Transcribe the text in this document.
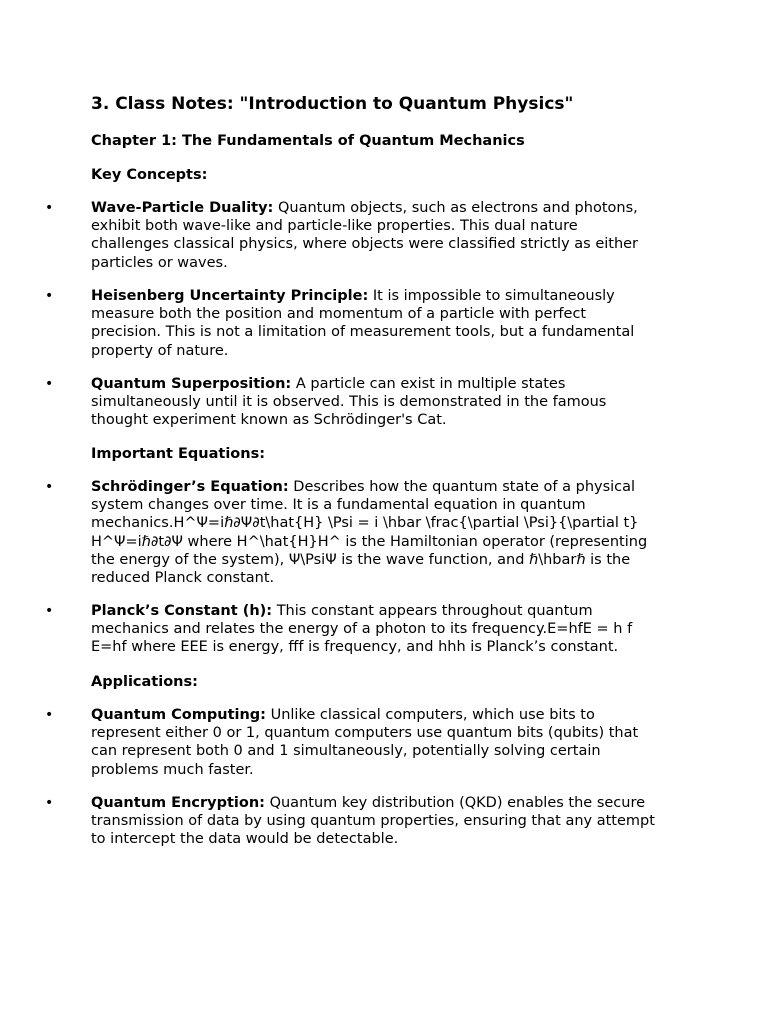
3. Class Notes: "Introduction to Quantum Physics"
Chapter 1: The Fundamentals of Quantum Mechanics
Key Concepts:
•	Wave-Particle Duality: Quantum objects, such as electrons and photons,
exhibit both wave-like and particle-like properties. This dual nature
challenges classical physics, where objects were classified strictly as either
particles or waves.
•	Heisenberg Uncertainty Principle: It is impossible to simultaneously
measure both the position and momentum of a particle with perfect
precision. This is not a limitation of measurement tools, but a fundamental
property of nature.
•	Quantum Superposition: A particle can exist in multiple states
simultaneously until it is observed. This is demonstrated in the famous
thought experiment known as Schrödinger's Cat.
Important Equations:
•	Schrödinger’s Equation: Describes how the quantum state of a physical
system changes over time. It is a fundamental equation in quantum
mechanics.H^Ψ=iℏ∂Ψ∂t\hat{H} \Psi = i \hbar \frac{\partial \Psi}{\partial t}
H^Ψ=iℏ∂t∂Ψ where H^\hat{H}H^ is the Hamiltonian operator (representing
the energy of the system), Ψ\PsiΨ is the wave function, and ℏ\hbarℏ is the
reduced Planck constant.
•	Planck’s Constant (h): This constant appears throughout quantum
mechanics and relates the energy of a photon to its frequency.E=hfE = h f
E=hf where EEE is energy, fff is frequency, and hhh is Planck’s constant.
Applications:
•	Quantum Computing: Unlike classical computers, which use bits to
represent either 0 or 1, quantum computers use quantum bits (qubits) that
can represent both 0 and 1 simultaneously, potentially solving certain
problems much faster.
•	Quantum Encryption: Quantum key distribution (QKD) enables the secure
transmission of data by using quantum properties, ensuring that any attempt
to intercept the data would be detectable.
